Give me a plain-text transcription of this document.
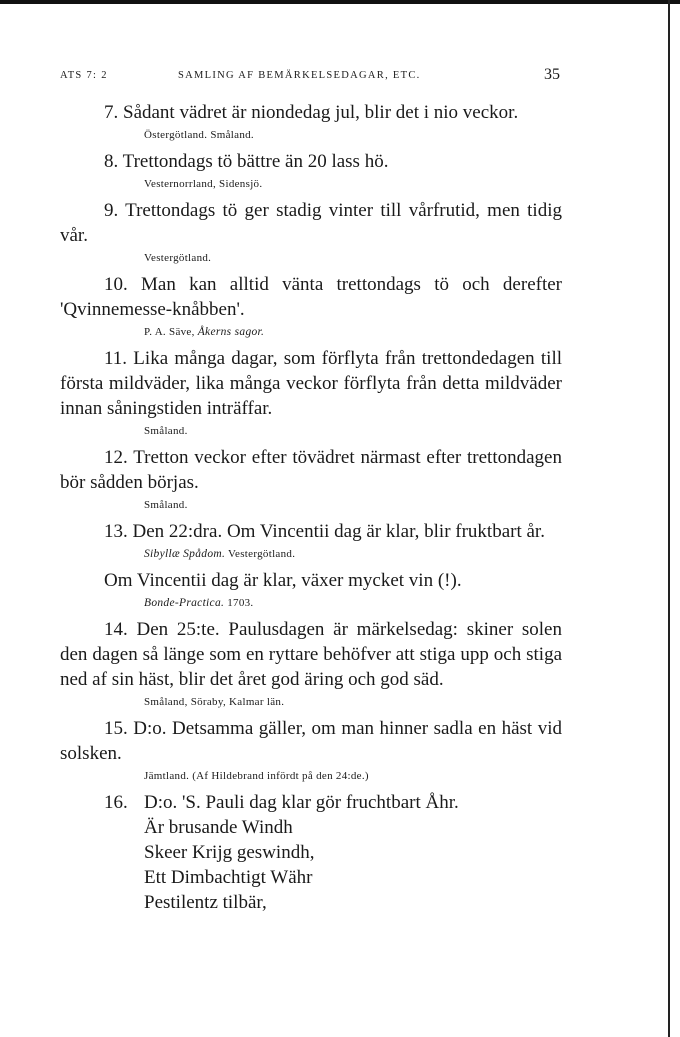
ATS 7: 2	SAMLING AF BEMÄRKELSEDAGAR, ETC.	35

7. Sådant vädret är niondedag jul, blir det i nio veckor.

Östergötland. Småland.

8. Trettondags tö bättre än 20 lass hö.

Vesternorrland, Sidensjö.

9. Trettondags tö ger stadig vinter till vårfrutid, men tidig vår.

Vestergötland.

10. Man kan alltid vänta trettondags tö och derefter 'Qvinnemesse-knåbben'.

P. A. Säve, Åkerns sagor.

11. Lika många dagar, som förflyta från trettondedagen till första mildväder, lika många veckor förflyta från detta mildväder innan såningstiden inträffar.

Småland.

12. Tretton veckor efter tövädret närmast efter trettondagen bör sådden börjas.

Småland.

13. Den 22:dra. Om Vincentii dag är klar, blir fruktbart år.

Sibyllæ Spådom. Vestergötland.

Om Vincentii dag är klar, växer mycket vin (!).

Bonde-Practica. 1703.

14. Den 25:te. Paulusdagen är märkelsedag: skiner solen den dagen så länge som en ryttare behöfver att stiga upp och stiga ned af sin häst, blir det året god äring och god säd.

Småland, Söraby, Kalmar län.

15. D:o. Detsamma gäller, om man hinner sadla en häst vid solsken.

Jämtland. (Af Hildebrand infördt på den 24:de.)
16. D:o. 'S. Pauli dag klar gör fruchtbart Åhr.
Är brusande Windh
Skeer Krijg geswindh,
Ett Dimbachtigt Währ
Pestilentz tilbär,
